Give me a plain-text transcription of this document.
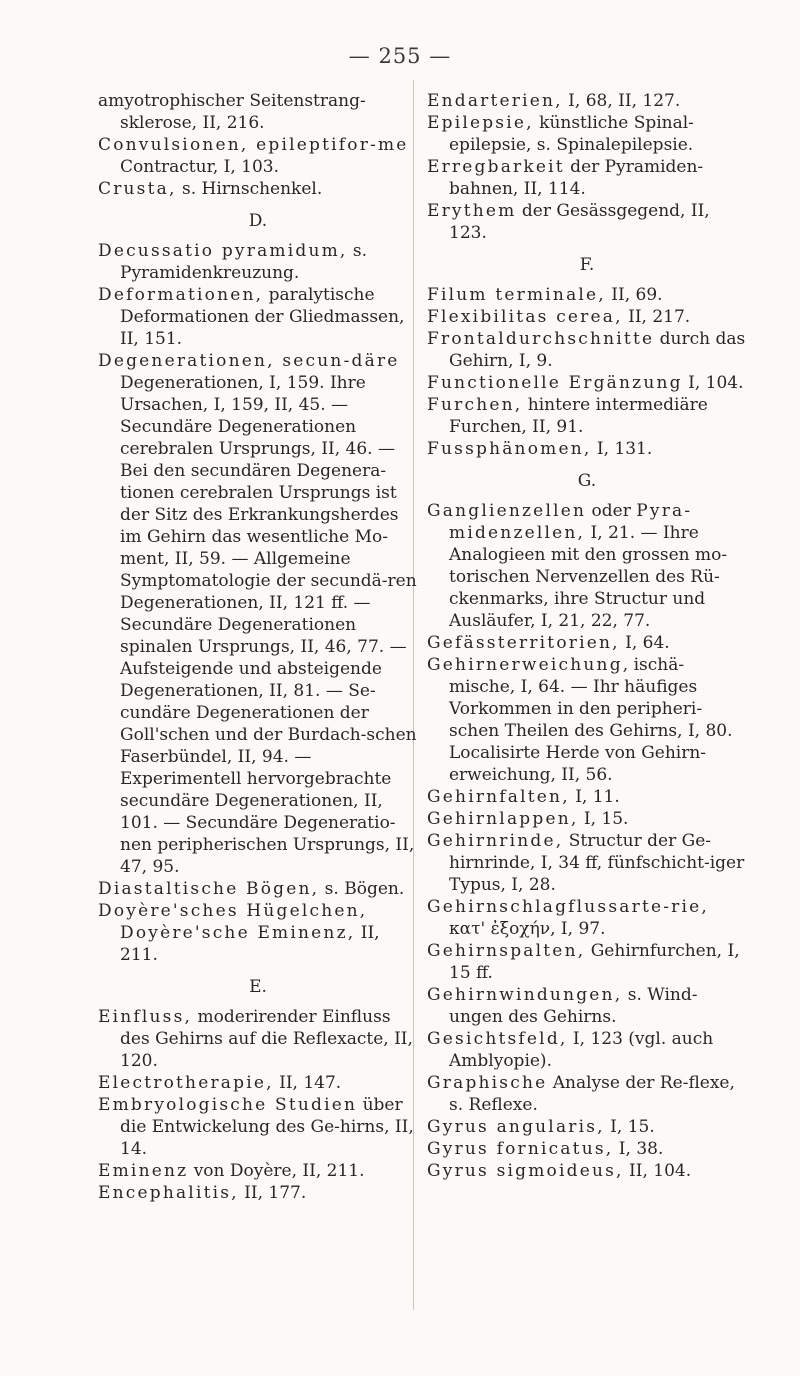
— 255 —

amyotrophischer Seitenstrang-sklerose, II, 216.

Convulsionen, epileptifor-me Contractur, I, 103.

Crusta, s. Hirnschenkel.

D.

Decussatio pyramidum, s. Pyramidenkreuzung.

Deformationen, paralytische Deformationen der Gliedmassen, II, 151.

Degenerationen, secun-däre Degenerationen, I, 159. Ihre Ursachen, I, 159, II, 45. — Secundäre Degenerationen cerebralen Ursprungs, II, 46. — Bei den secundären Degenera-tionen cerebralen Ursprungs ist der Sitz des Erkrankungsherdes im Gehirn das wesentliche Mo-ment, II, 59. — Allgemeine Symptomatologie der secundä-ren Degenerationen, II, 121 ff. — Secundäre Degenerationen spinalen Ursprungs, II, 46, 77. — Aufsteigende und absteigende Degenerationen, II, 81. — Se-cundäre Degenerationen der Goll'schen und der Burdach-schen Faserbündel, II, 94. — Experimentell hervorgebrachte secundäre Degenerationen, II, 101. — Secundäre Degeneratio-nen peripherischen Ursprungs, II, 47, 95.

Diastaltische Bögen, s. Bögen.

Doyère'sches Hügelchen, Doyère'sche Eminenz, II, 211.

E.

Einfluss, moderirender Einfluss des Gehirns auf die Reflexacte, II, 120.

Electrotherapie, II, 147.

Embryologische Studien über die Entwickelung des Ge-hirns, II, 14.

Eminenz von Doyère, II, 211.

Encephalitis, II, 177.

Endarterien, I, 68, II, 127.

Epilepsie, künstliche Spinal-epilepsie, s. Spinalepilepsie.

Erregbarkeit der Pyramiden-bahnen, II, 114.

Erythem der Gesässgegend, II, 123.

F.

Filum terminale, II, 69.

Flexibilitas cerea, II, 217.

Frontaldurchschnitte durch das Gehirn, I, 9.

Functionelle Ergänzung I, 104.

Furchen, hintere intermediäre Furchen, II, 91.

Fussphänomen, I, 131.

G.

Ganglienzellen oder Pyra-midenzellen, I, 21. — Ihre Analogieen mit den grossen mo-torischen Nervenzellen des Rü-ckenmarks, ihre Structur und Ausläufer, I, 21, 22, 77.

Gefässterritorien, I, 64.

Gehirnerweichung, ischä-mische, I, 64. — Ihr häufiges Vorkommen in den peripheri-schen Theilen des Gehirns, I, 80. Localisirte Herde von Gehirn-erweichung, II, 56.

Gehirnfalten, I, 11.

Gehirnlappen, I, 15.

Gehirnrinde, Structur der Ge-hirnrinde, I, 34 ff, fünfschicht-iger Typus, I, 28.

Gehirnschlagflussarte-rie, κατ' ἐξοχήν, I, 97.

Gehirnspalten, Gehirnfurchen, I, 15 ff.

Gehirnwindungen, s. Wind-ungen des Gehirns.

Gesichtsfeld, I, 123 (vgl. auch Amblyopie).

Graphische Analyse der Re-flexe, s. Reflexe.

Gyrus angularis, I, 15.

Gyrus fornicatus, I, 38.

Gyrus sigmoideus, II, 104.
